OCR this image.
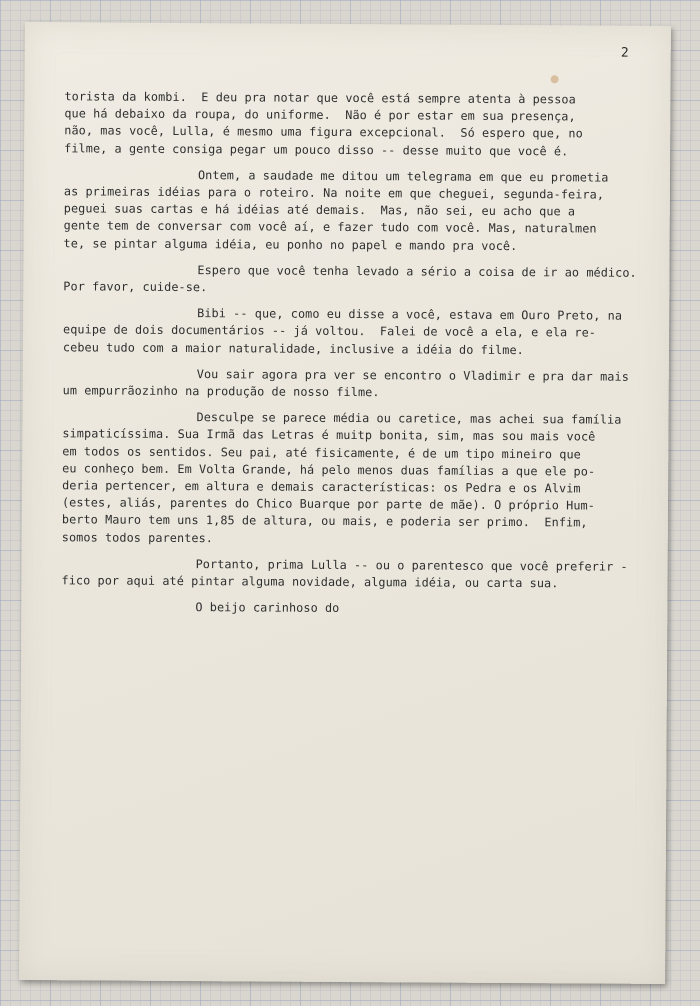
2
torista da kombi.  E deu pra notar que você está sempre atenta à pessoa
que há debaixo da roupa, do uniforme.  Não é por estar em sua presença,
não, mas você, Lulla, é mesmo uma figura excepcional.  Só espero que, no
filme, a gente consiga pegar um pouco disso -- desse muito que você é.
Ontem, a saudade me ditou um telegrama em que eu prometia
as primeiras idéias para o roteiro. Na noite em que cheguei, segunda-feira,
peguei suas cartas e há idéias até demais.  Mas, não sei, eu acho que a
gente tem de conversar com você aí, e fazer tudo com você. Mas, naturalmen
te, se pintar alguma idéia, eu ponho no papel e mando pra você.
Espero que você tenha levado a sério a coisa de ir ao médico.
Por favor, cuide-se.
Bibi -- que, como eu disse a você, estava em Ouro Preto, na
equipe de dois documentários -- já voltou.  Falei de você a ela, e ela re-
cebeu tudo com a maior naturalidade, inclusive a idéia do filme.
Vou sair agora pra ver se encontro o Vladimir e pra dar mais
um empurrãozinho na produção de nosso filme.
Desculpe se parece média ou caretice, mas achei sua família
simpaticíssima. Sua Irmã das Letras é muitp bonita, sim, mas sou mais você
em todos os sentidos. Seu pai, até fisicamente, é de um tipo mineiro que
eu conheço bem. Em Volta Grande, há pelo menos duas famílias a que ele po-
deria pertencer, em altura e demais características: os Pedra e os Alvim
(estes, aliás, parentes do Chico Buarque por parte de mãe). O próprio Hum-
berto Mauro tem uns 1,85 de altura, ou mais, e poderia ser primo.  Enfim,
somos todos parentes.
Portanto, prima Lulla -- ou o parentesco que você preferir -
fico por aqui até pintar alguma novidade, alguma idéia, ou carta sua.
O beijo carinhoso do
